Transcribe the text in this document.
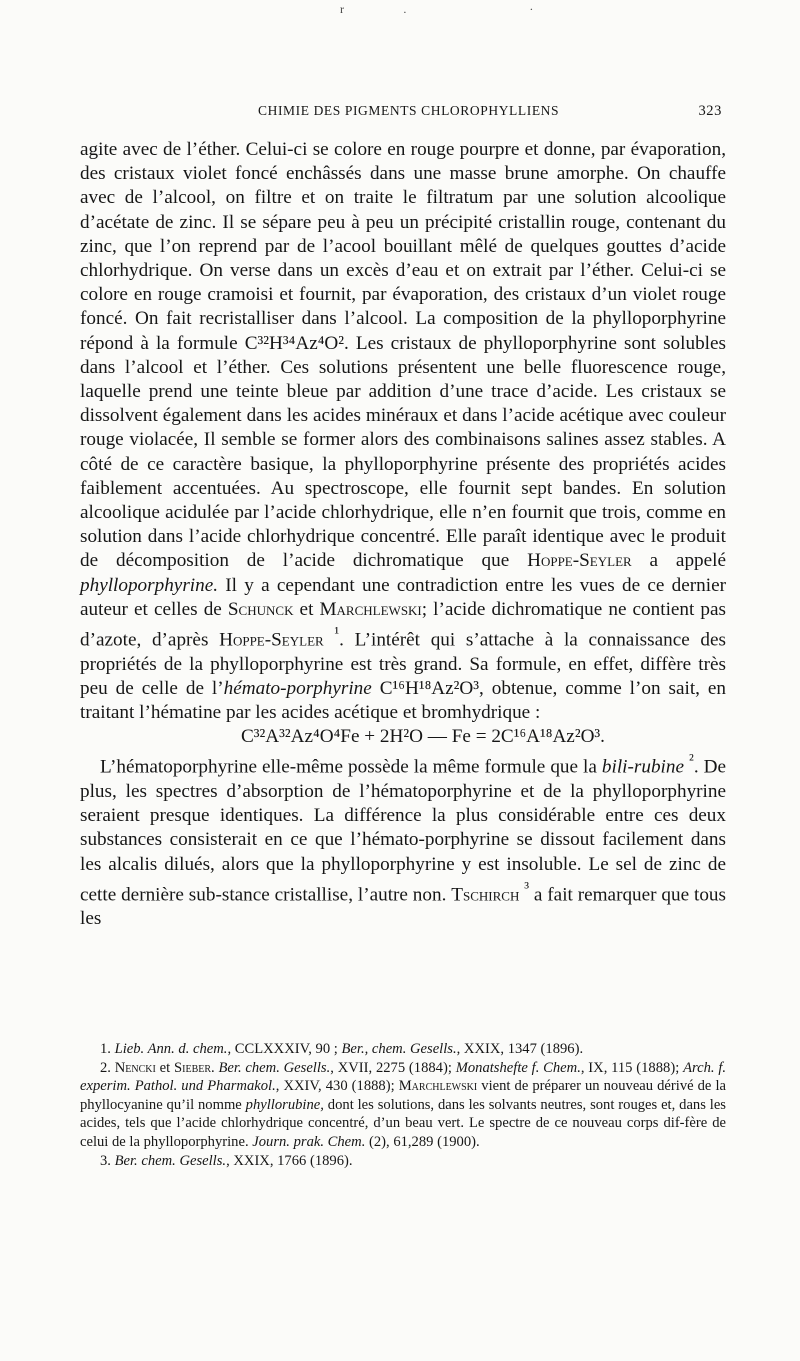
r. ·
CHIMIE DES PIGMENTS CHLOROPHYLLIENS	323

agite avec de l’éther. Celui-ci se colore en rouge pourpre et donne, par évaporation, des cristaux violet foncé enchâssés dans une masse brune amorphe. On chauffe avec de l’alcool, on filtre et on traite le filtratum par une solution alcoolique d’acétate de zinc. Il se sépare peu à peu un précipité cristallin rouge, contenant du zinc, que l’on reprend par de l’acool bouillant mêlé de quelques gouttes d’acide chlorhydrique. On verse dans un excès d’eau et on extrait par l’éther. Celui-ci se colore en rouge cramoisi et fournit, par évaporation, des cristaux d’un violet rouge foncé. On fait recristalliser dans l’alcool. La composition de la phylloporphyrine répond à la formule C³²H³⁴Az⁴O². Les cristaux de phylloporphyrine sont solubles dans l’alcool et l’éther. Ces solutions présentent une belle fluorescence rouge, laquelle prend une teinte bleue par addition d’une trace d’acide. Les cristaux se dissolvent également dans les acides minéraux et dans l’acide acétique avec couleur rouge violacée, Il semble se former alors des combinaisons salines assez stables. A côté de ce caractère basique, la phylloporphyrine présente des propriétés acides faiblement accentuées. Au spectroscope, elle fournit sept bandes. En solution alcoolique acidulée par l’acide chlorhydrique, elle n’en fournit que trois, comme en solution dans l’acide chlorhydrique concentré. Elle paraît identique avec le produit de décomposition de l’acide dichromatique que Hoppe-Seyler a appelé phylloporphyrine. Il y a cependant une contradiction entre les vues de ce dernier auteur et celles de Schunck et Marchlewski; l’acide dichromatique ne contient pas d’azote, d’après Hoppe-Seyler $^{^1}$. L’intérêt qui s’attache à la connaissance des propriétés de la phylloporphyrine est très grand. Sa formule, en effet, diffère très peu de celle de l’hémato-porphyrine C¹⁶H¹⁸Az²O³, obtenue, comme l’on sait, en traitant l’hématine par les acides acétique et bromhydrique :

C³²A³²Az⁴O⁴Fe + 2H²O — Fe = 2C¹⁶A¹⁸Az²O³.

L’hématoporphyrine elle-même possède la même formule que la bili-rubine $^{^2}$. De plus, les spectres d’absorption de l’hématoporphyrine et de la phylloporphyrine seraient presque identiques. La différence la plus considérable entre ces deux substances consisterait en ce que l’hémato-porphyrine se dissout facilement dans les alcalis dilués, alors que la phylloporphyrine y est insoluble. Le sel de zinc de cette dernière sub-stance cristallise, l’autre non. Tschirch $^{^3}$ a fait remarquer que tous les

1. Lieb. Ann. d. chem., CCLXXXIV, 90 ; Ber., chem. Gesells., XXIX, 1347 (1896).

2. Nencki et Sieber. Ber. chem. Gesells., XVII, 2275 (1884); Monatshefte f. Chem., IX, 115 (1888); Arch. f. experim. Pathol. und Pharmakol., XXIV, 430 (1888); Marchlewski vient de préparer un nouveau dérivé de la phyllocyanine qu’il nomme phyllorubine, dont les solutions, dans les solvants neutres, sont rouges et, dans les acides, tels que l’acide chlorhydrique concentré, d’un beau vert. Le spectre de ce nouveau corps dif-fère de celui de la phylloporphyrine. Journ. prak. Chem. (2), 61,289 (1900).

3. Ber. chem. Gesells., XXIX, 1766 (1896).
